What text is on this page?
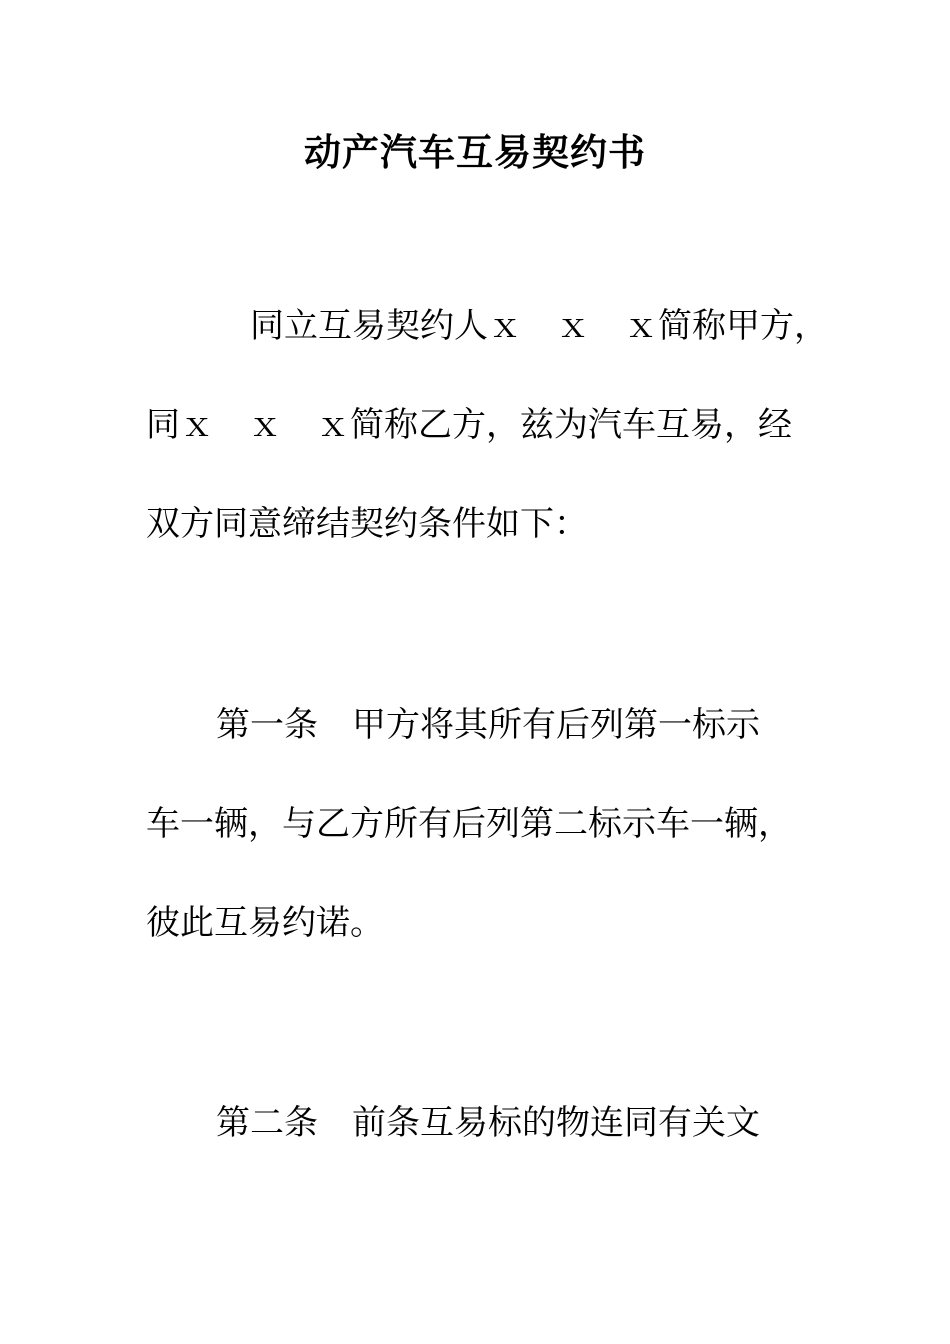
动产汽车互易契约书
同立互易契约人ｘ　ｘ　ｘ简称甲方，
同ｘ　ｘ　ｘ简称乙方，兹为汽车互易，经
双方同意缔结契约条件如下：
第一条　甲方将其所有后列第一标示
车一辆，与乙方所有后列第二标示车一辆，
彼此互易约诺。
第二条　前条互易标的物连同有关文
